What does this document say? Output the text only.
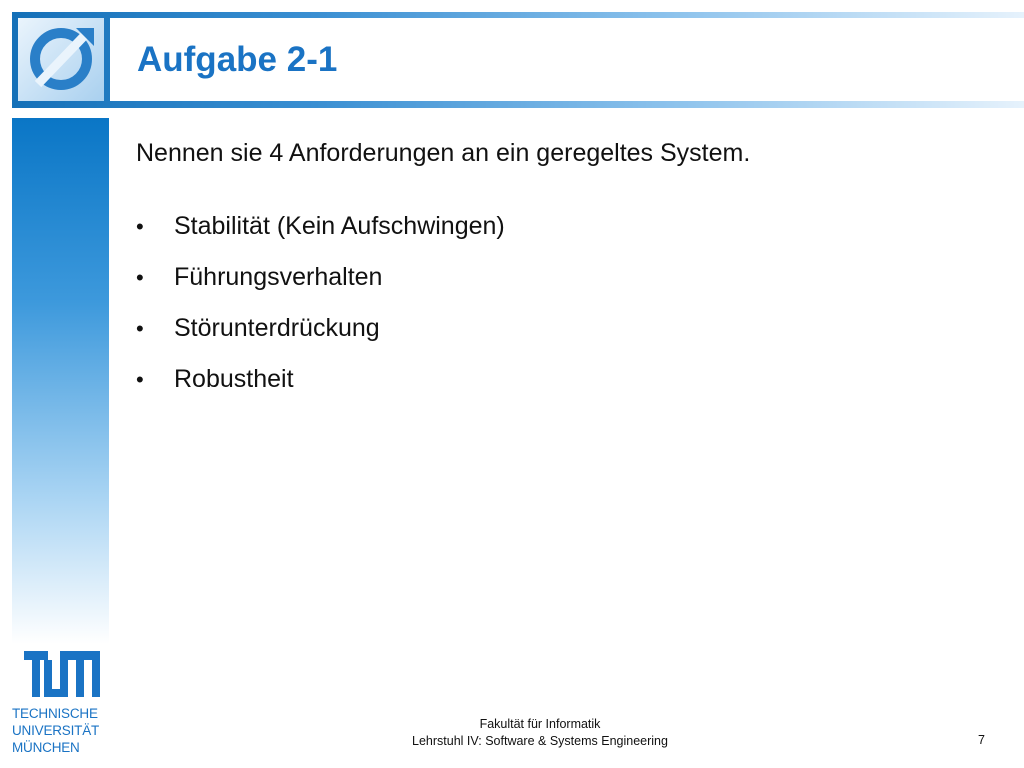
Aufgabe 2-1

Nennen sie 4 Anforderungen an ein geregeltes System.

• Stabilität (Kein Aufschwingen)
• Führungsverhalten
• Störunterdrückung
• Robustheit
TECHNISCHE
UNIVERSITÄT
MÜNCHEN
Fakultät für Informatik
Lehrstuhl IV: Software & Systems Engineering	7
